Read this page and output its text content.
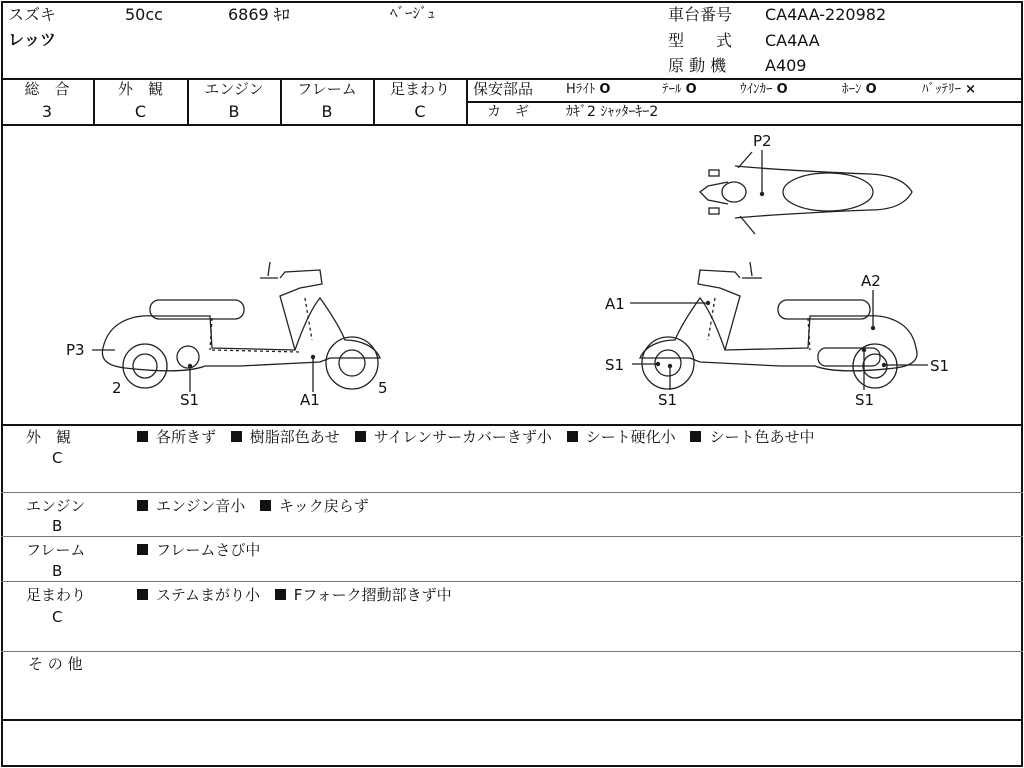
スズキ	50cc	6869 ｷﾛ	ﾍﾞｰｼﾞｭ
レッツ
車台番号 CA4AA-220982
型　　式 CA4AA
原 動 機 A409
総　合
3
外　観
C
エンジン
B
フレーム
B
足まわり
C
保安部品	Hﾗｲﾄ O	ﾃｰﾙ O	ｳｲﾝｶｰ O	ﾎｰﾝ O	ﾊﾞｯﾃﾘｰ ×
カ　ギ	ｶｷﾞ2 ｼｬｯﾀｰｷｰ2
P3
2
S1	A1
5
P2
A1
A2
S1
S1	S1
S1
外　観
C
各所きず 樹脂部色あせ サイレンサーカバーきず小 シート硬化小 シート色あせ中
エンジン
B
エンジン音小 キック戻らず
フレーム
B
フレームさび中
足まわり
C
ステムまがり小 Fフォーク摺動部きず中
そ の 他
